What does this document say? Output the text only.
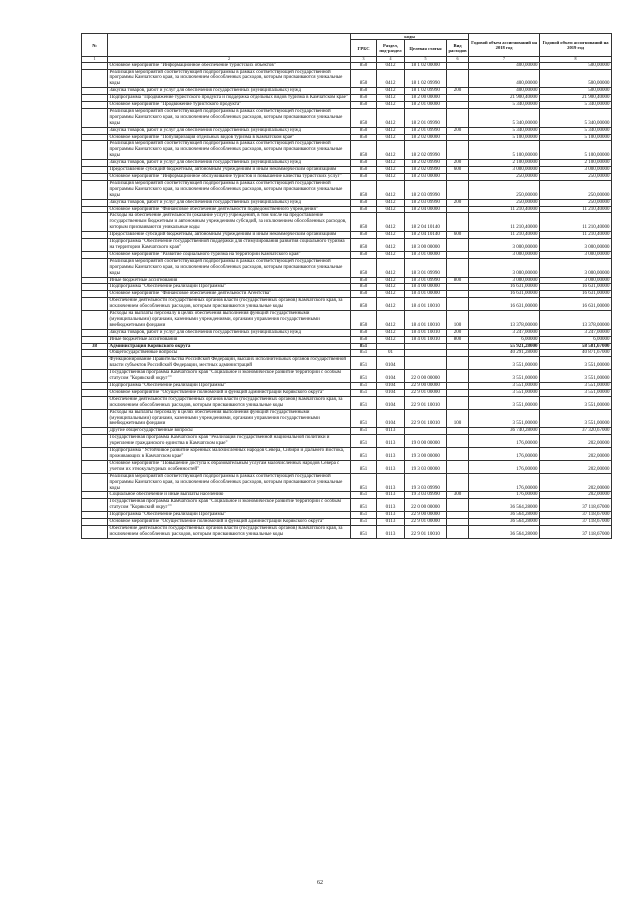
№	Наименование	коды				Годовой объем ассигнований на 2018 год	Годовой объем ассигнований на 2019 год
		ГРБС	Раздел, под-раздел	Целевая статья	Вид расходов		
1	2	3	4	5	6	7	8
	Основное мероприятие "Информационное обеспечение туристских объектов"	850	0412	18 1 02 00000		400,00000	500,00000
	Реализация мероприятий соответствующей подпрограммы в рамках соответствующей государственной программы Камчатского края, за исключением обособленных расходов, которым присваиваются уникальные коды	850	0412	18 1 02 09990		400,00000	500,00000
	Закупка товаров, работ и услуг для обеспечения государственных (муниципальных) нужд	850	0412	18 1 02 09990	200	400,00000	500,00000
	Подпрограмма "Продвижение туристского продукта и поддержка отдельных видов туризма в Камчатском крае"	850	0412	18 2 00 00000		21 900,40000	21 900,40000
	Основное мероприятие "Продвижение туристского продукта"	850	0412	18 2 01 00000		5 340,00000	5 340,00000
	Реализация мероприятий соответствующей подпрограммы в рамках соответствующей государственной программы Камчатского края, за исключением обособленных расходов, которым присваиваются уникальные коды	850	0412	18 2 01 09990		5 340,00000	5 340,00000
	Закупка товаров, работ и услуг для обеспечения государственных (муниципальных) нужд	850	0412	18 2 01 09990	200	5 340,00000	5 340,00000
	Основное мероприятие "Популяризация отдельных видов туризма в Камчатском крае"	850	0412	18 2 02 00000		5 100,00000	5 100,00000
	Реализация мероприятий соответствующей подпрограммы в рамках соответствующей государственной программы Камчатского края, за исключением обособленных расходов, которым присваиваются уникальные коды	850	0412	18 2 02 09990		5 100,00000	5 100,00000
	Закупка товаров, работ и услуг для обеспечения государственных (муниципальных) нужд	850	0412	18 2 02 09990	200	2 100,00000	2 100,00000
	Предоставление субсидий бюджетным, автономным учреждениям и иным некоммерческим организациям	850	0412	18 2 02 09990	600	3 000,00000	3 000,00000
	Основное мероприятие "Информационное обслуживание туристов и повышение качества туристских услуг"	850	0412	18 2 03 00000		250,00000	250,00000
	Реализация мероприятий соответствующей подпрограммы в рамках соответствующей государственной программы Камчатского края, за исключением обособленных расходов, которым присваиваются уникальные коды	850	0412	18 2 03 09990		250,00000	250,00000
	Закупка товаров, работ и услуг для обеспечения государственных (муниципальных) нужд	850	0412	18 2 03 09990	200	250,00000	250,00000
	Основное мероприятие "Финансовое обеспечение деятельности подведомственного учреждения"	850	0412	18 2 04 00000		11 210,40000	11 210,40000
	Расходы на обеспечение деятельности (оказание услуг) учреждений, в том числе на предоставление государственным бюджетным и автономным учреждениям субсидий, за исключением обособленных расходов, которым присваиваются уникальные коды	850	0412	18 2 04 10140		11 210,40000	11 210,40000
	Предоставление субсидий бюджетным, автономным учреждениям и иным некоммерческим организациям	850	0412	18 2 04 10140	600	11 210,40000	11 210,40000
	Подпрограмма "Обеспечение государственной поддержки для стимулирования развития социального туризма на территории Камчатского края"	850	0412	18 3 00 00000		3 000,00000	3 000,00000
	Основное мероприятие "Развитие социального туризма на территории Камчатского края"	850	0412	18 3 01 00000		3 000,00000	3 000,00000
	Реализация мероприятий соответствующей подпрограммы в рамках соответствующей государственной программы Камчатского края, за исключением обособленных расходов, которым присваиваются уникальные коды	850	0412	18 3 01 09990		3 000,00000	3 000,00000
	Иные бюджетные ассигнования	850	0412	18 3 01 09990	800	3 000,00000	3 000,00000
	Подпрограмма "Обеспечение реализации Программы"	850	0412	18 4 00 00000		16 631,00000	16 631,00000
	Основное мероприятие "Финансовое обеспечение деятельности Агентства"	850	0412	18 4 01 00000		16 631,00000	16 631,00000
	Обеспечение деятельности государственных органов власти (государственных органов) Камчатского края, за исключением обособленных расходов, которым присваиваются уникальные коды	850	0412	18 4 01 10010		16 631,00000	16 631,00000
	Расходы на выплаты персоналу в целях обеспечения выполнения функций государственными (муниципальными) органами, казенными учреждениями, органами управления государственными внебюджетными фондами	850	0412	18 4 01 10010	100	13 378,00000	13 378,00000
	Закупка товаров, работ и услуг для обеспечения государственных (муниципальных) нужд	850	0412	18 4 01 10010	200	3 247,00000	3 247,00000
	Иные бюджетные ассигнования	850	0412	18 4 01 10010	800	6,00000	6,00000
38	Администрация Корякского округа	851				55 921,28000	58 581,67000
	Общегосударственные вопросы	851	01			40 291,28000	40 871,67000
	Функционирование Правительства Российской Федерации, высших исполнительных органов государственной власти субъектов Российской Федерации, местных администраций	851	0104			3 551,00000	3 551,00000
	Государственная программа Камчатского края "Социальное и экономическое развитие территории с особым статусом "Корякский округ""	851	0104	22 0 00 00000		3 551,00000	3 551,00000
	Подпрограмма "Обеспечение реализации Программы"	851	0104	22 9 00 00000		3 551,00000	3 551,00000
	Основное мероприятие "Осуществление полномочий и функций администрации Корякского округа"	851	0104	22 9 01 00000		3 551,00000	3 551,00000
	Обеспечение деятельности государственных органов власти (государственных органов) Камчатского края, за исключением обособленных расходов, которым присваиваются уникальные коды	851	0104	22 9 01 10010		3 551,00000	3 551,00000
	Расходы на выплаты персоналу в целях обеспечения выполнения функций государственными (муниципальными) органами, казенными учреждениями, органами управления государственными внебюджетными фондами	851	0104	22 9 01 10010	100	3 551,00000	3 551,00000
	Другие общегосударственные вопросы	851	0113			36 740,28000	37 320,67000
	Государственная программа Камчатского края "Реализация государственной национальной политики и укрепление гражданского единства в Камчатском крае"	851	0113	19 0 00 00000		176,00000	202,00000
	Подпрограмма "Устойчивое развитие коренных малочисленных народов Севера, Сибири и Дальнего Востока, проживающих в Камчатском крае"	851	0113	19 3 00 00000		176,00000	202,00000
	Основное мероприятие "Повышение доступа к образовательным услугам малочисленных народов Севера с учетом их этнокультурных особенностей"	851	0113	19 3 03 00000		176,00000	202,00000
	Реализация мероприятий соответствующей подпрограммы в рамках соответствующей государственной программы Камчатского края, за исключением обособленных расходов, которым присваиваются уникальные коды	851	0113	19 3 03 09990		176,00000	202,00000
	Социальное обеспечение и иные выплаты населению	851	0113	19 3 03 09990	300	176,00000	202,00000
	Государственная программа Камчатского края "Социальное и экономическое развитие территории с особым статусом "Корякский округ""	851	0113	22 0 00 00000		36 564,28000	37 118,67000
	Подпрограмма "Обеспечение реализации Программы"	851	0113	22 9 00 00000		36 564,28000	37 118,67000
	Основное мероприятие "Осуществление полномочий и функций администрации Корякского округа"	851	0113	22 9 01 00000		36 564,28000	37 118,67000
	Обеспечение деятельности государственных органов власти (государственных органов) Камчатского края, за исключением обособленных расходов, которым присваиваются уникальные коды	851	0113	22 9 01 10010		36 564,28000	37 118,67000
62
